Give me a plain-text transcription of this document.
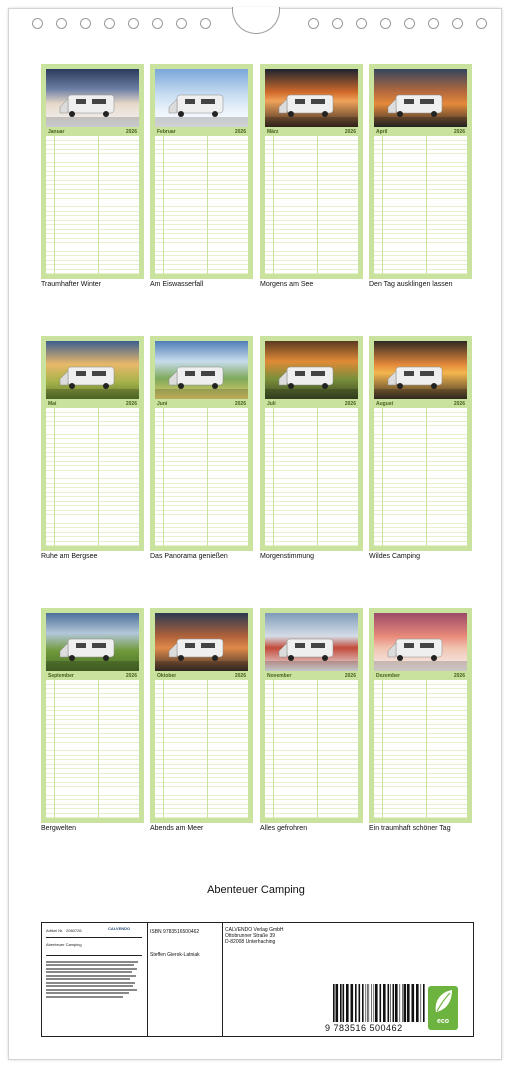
Januar	2026
Traumhafter Winter
Februar	2026
Am Eiswasserfall
März	2026
Morgens am See
April	2026
Den Tag ausklingen lassen
Mai	2026
Ruhe am Bergsee
Juni	2026
Das Panorama genießen
Juli	2026
Morgenstimmung
August	2026
Wildes Camping
September	2026
Bergwelten
Oktober	2026
Abends am Meer
November	2026
Alles gefrohren
Dezember	2026
Ein traumhaft schöner Tag
Abenteuer Camping
Artikel Nr. 2060726	CALVENDO
Abenteuer Camping
ISBN 9783516500462
Steffen Gierok-Latniak
CALVENDO Verlag GmbH
Ottobrunner Straße 39
D-82008 Unterhaching
9 783516 500462
eco
